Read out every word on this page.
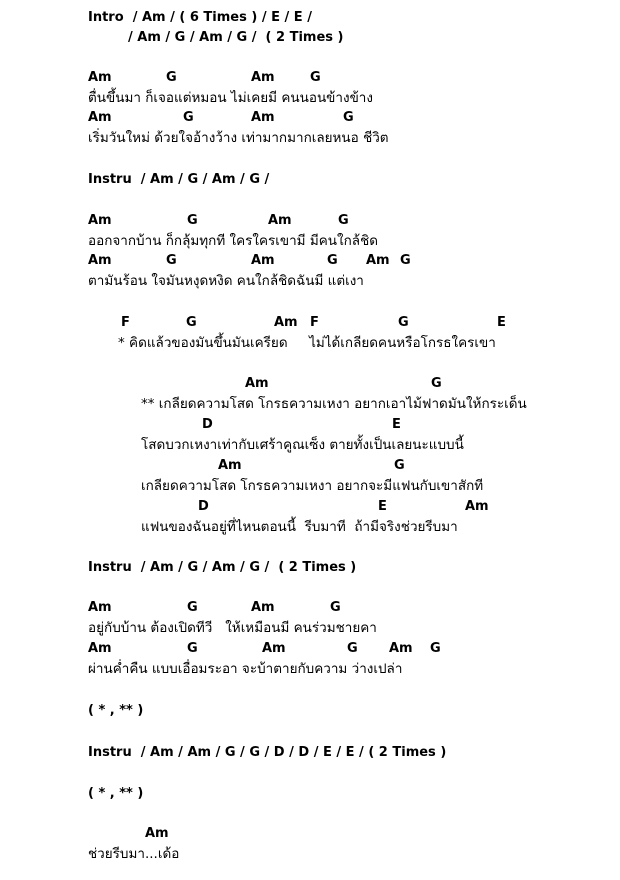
Intro  / Am / ( 6 Times ) / E / E /
/ Am / G / Am / G /  ( 2 Times )
Am	G	Am	G
ตื่นขึ้นมา ก็เจอแต่หมอน ไม่เคยมี คนนอนข้างข้าง
Am	G	Am	G
เริ่มวันใหม่ ด้วยใจอ้างว้าง เท่ามากมากเลยหนอ ชีวิต
Instru  / Am / G / Am / G /
Am	G	Am	G
ออกจากบ้าน ก็กลุ้มทุกที ใครใครเขามี มีคนใกล้ชิด
Am	G	Am	G Am G
ตามันร้อน ใจมันหงุดหงิด คนใกล้ชิดฉันมี แต่เงา
F	G	Am F	G	E
* คิดแล้วของมันขึ้นมันเครียด     ไม่ได้เกลียดคนหรือโกรธใครเขา
Am	G
** เกลียดความโสด โกรธความเหงา อยากเอาไม้ฟาดมันให้กระเด็น
D	E
โสดบวกเหงาเท่ากับเศร้าคูณเซ็ง ตายทั้งเป็นเลยนะแบบนี้
Am	G
เกลียดความโสด โกรธความเหงา อยากจะมีแฟนกับเขาสักที
D	E	Am
แฟนของฉันอยู่ที่ไหนตอนนี้  รีบมาที  ถ้ามีจริงช่วยรีบมา
Instru  / Am / G / Am / G /  ( 2 Times )
Am	G	Am	G
อยู่กับบ้าน ต้องเปิดทีวี   ให้เหมือนมี คนร่วมชายคา
Am	G	Am	G Am G
ผ่านค่ำคืน แบบเอื่อมระอา จะบ้าตายกับความ ว่างเปล่า
( * , ** )
Instru  / Am / Am / G / G / D / D / E / E / ( 2 Times )
( * , ** )
Am
ช่วยรีบมา...เด้อ
